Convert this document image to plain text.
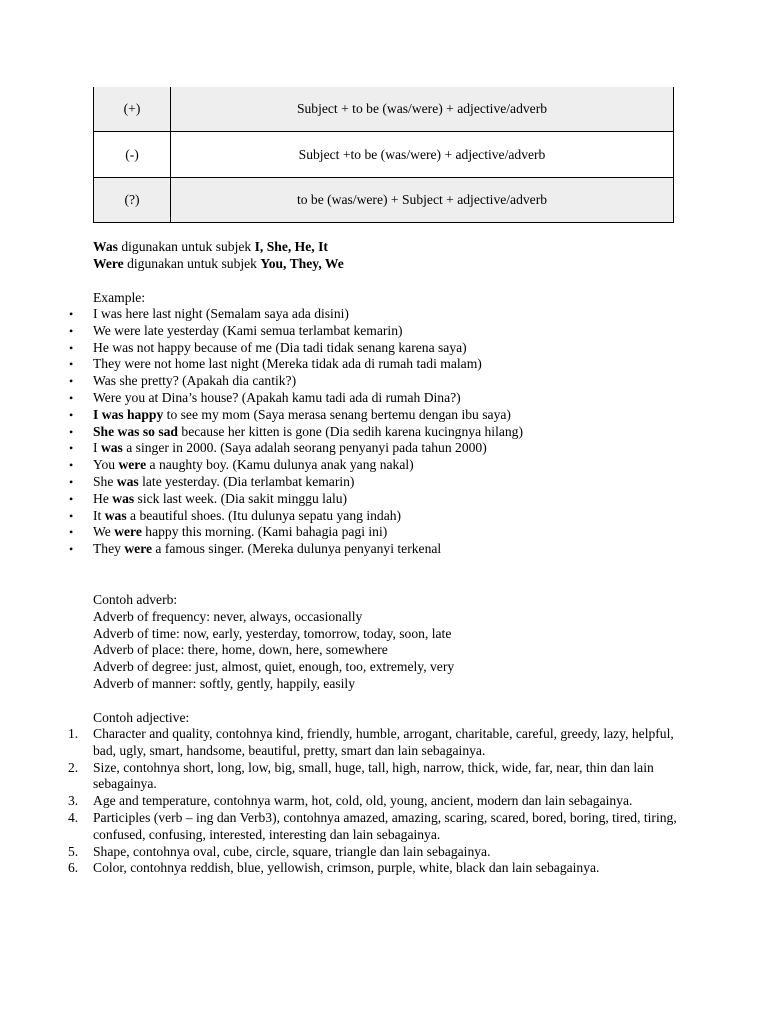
(+)	Subject + to be (was/were) + adjective/adverb
(-)	Subject +to be (was/were) + adjective/adverb
(?)	to be (was/were) + Subject + adjective/adverb
Was digunakan untuk subjek I, She, He, It
Were digunakan untuk subjek You, They, We
Example:
• I was here last night (Semalam saya ada disini)
• We were late yesterday (Kami semua terlambat kemarin)
• He was not happy because of me (Dia tadi tidak senang karena saya)
• They were not home last night (Mereka tidak ada di rumah tadi malam)
• Was she pretty? (Apakah dia cantik?)
• Were you at Dina’s house? (Apakah kamu tadi ada di rumah Dina?)
• I was happy to see my mom (Saya merasa senang bertemu dengan ibu saya)
• She was so sad because her kitten is gone (Dia sedih karena kucingnya hilang)
• I was a singer in 2000. (Saya adalah seorang penyanyi pada tahun 2000)
• You were a naughty boy. (Kamu dulunya anak yang nakal)
• She was late yesterday. (Dia terlambat kemarin)
• He was sick last week. (Dia sakit minggu lalu)
• It was a beautiful shoes. (Itu dulunya sepatu yang indah)
• We were happy this morning. (Kami bahagia pagi ini)
• They were a famous singer. (Mereka dulunya penyanyi terkenal
Contoh adverb:
Adverb of frequency: never, always, occasionally
Adverb of time: now, early, yesterday, tomorrow, today, soon, late
Adverb of place: there, home, down, here, somewhere
Adverb of degree: just, almost, quiet, enough, too, extremely, very
Adverb of manner: softly, gently, happily, easily
Contoh adjective:
1. Character and quality, contohnya kind, friendly, humble, arrogant, charitable, careful, greedy, lazy, helpful, bad, ugly, smart, handsome, beautiful, pretty, smart dan lain sebagainya.
2. Size, contohnya short, long, low, big, small, huge, tall, high, narrow, thick, wide, far, near, thin dan lain sebagainya.
3. Age and temperature, contohnya warm, hot, cold, old, young, ancient, modern dan lain sebagainya.
4. Participles (verb – ing dan Verb3), contohnya amazed, amazing, scaring, scared, bored, boring, tired, tiring, confused, confusing, interested, interesting dan lain sebagainya.
5. Shape, contohnya oval, cube, circle, square, triangle dan lain sebagainya.
6. Color, contohnya reddish, blue, yellowish, crimson, purple, white, black dan lain sebagainya.
